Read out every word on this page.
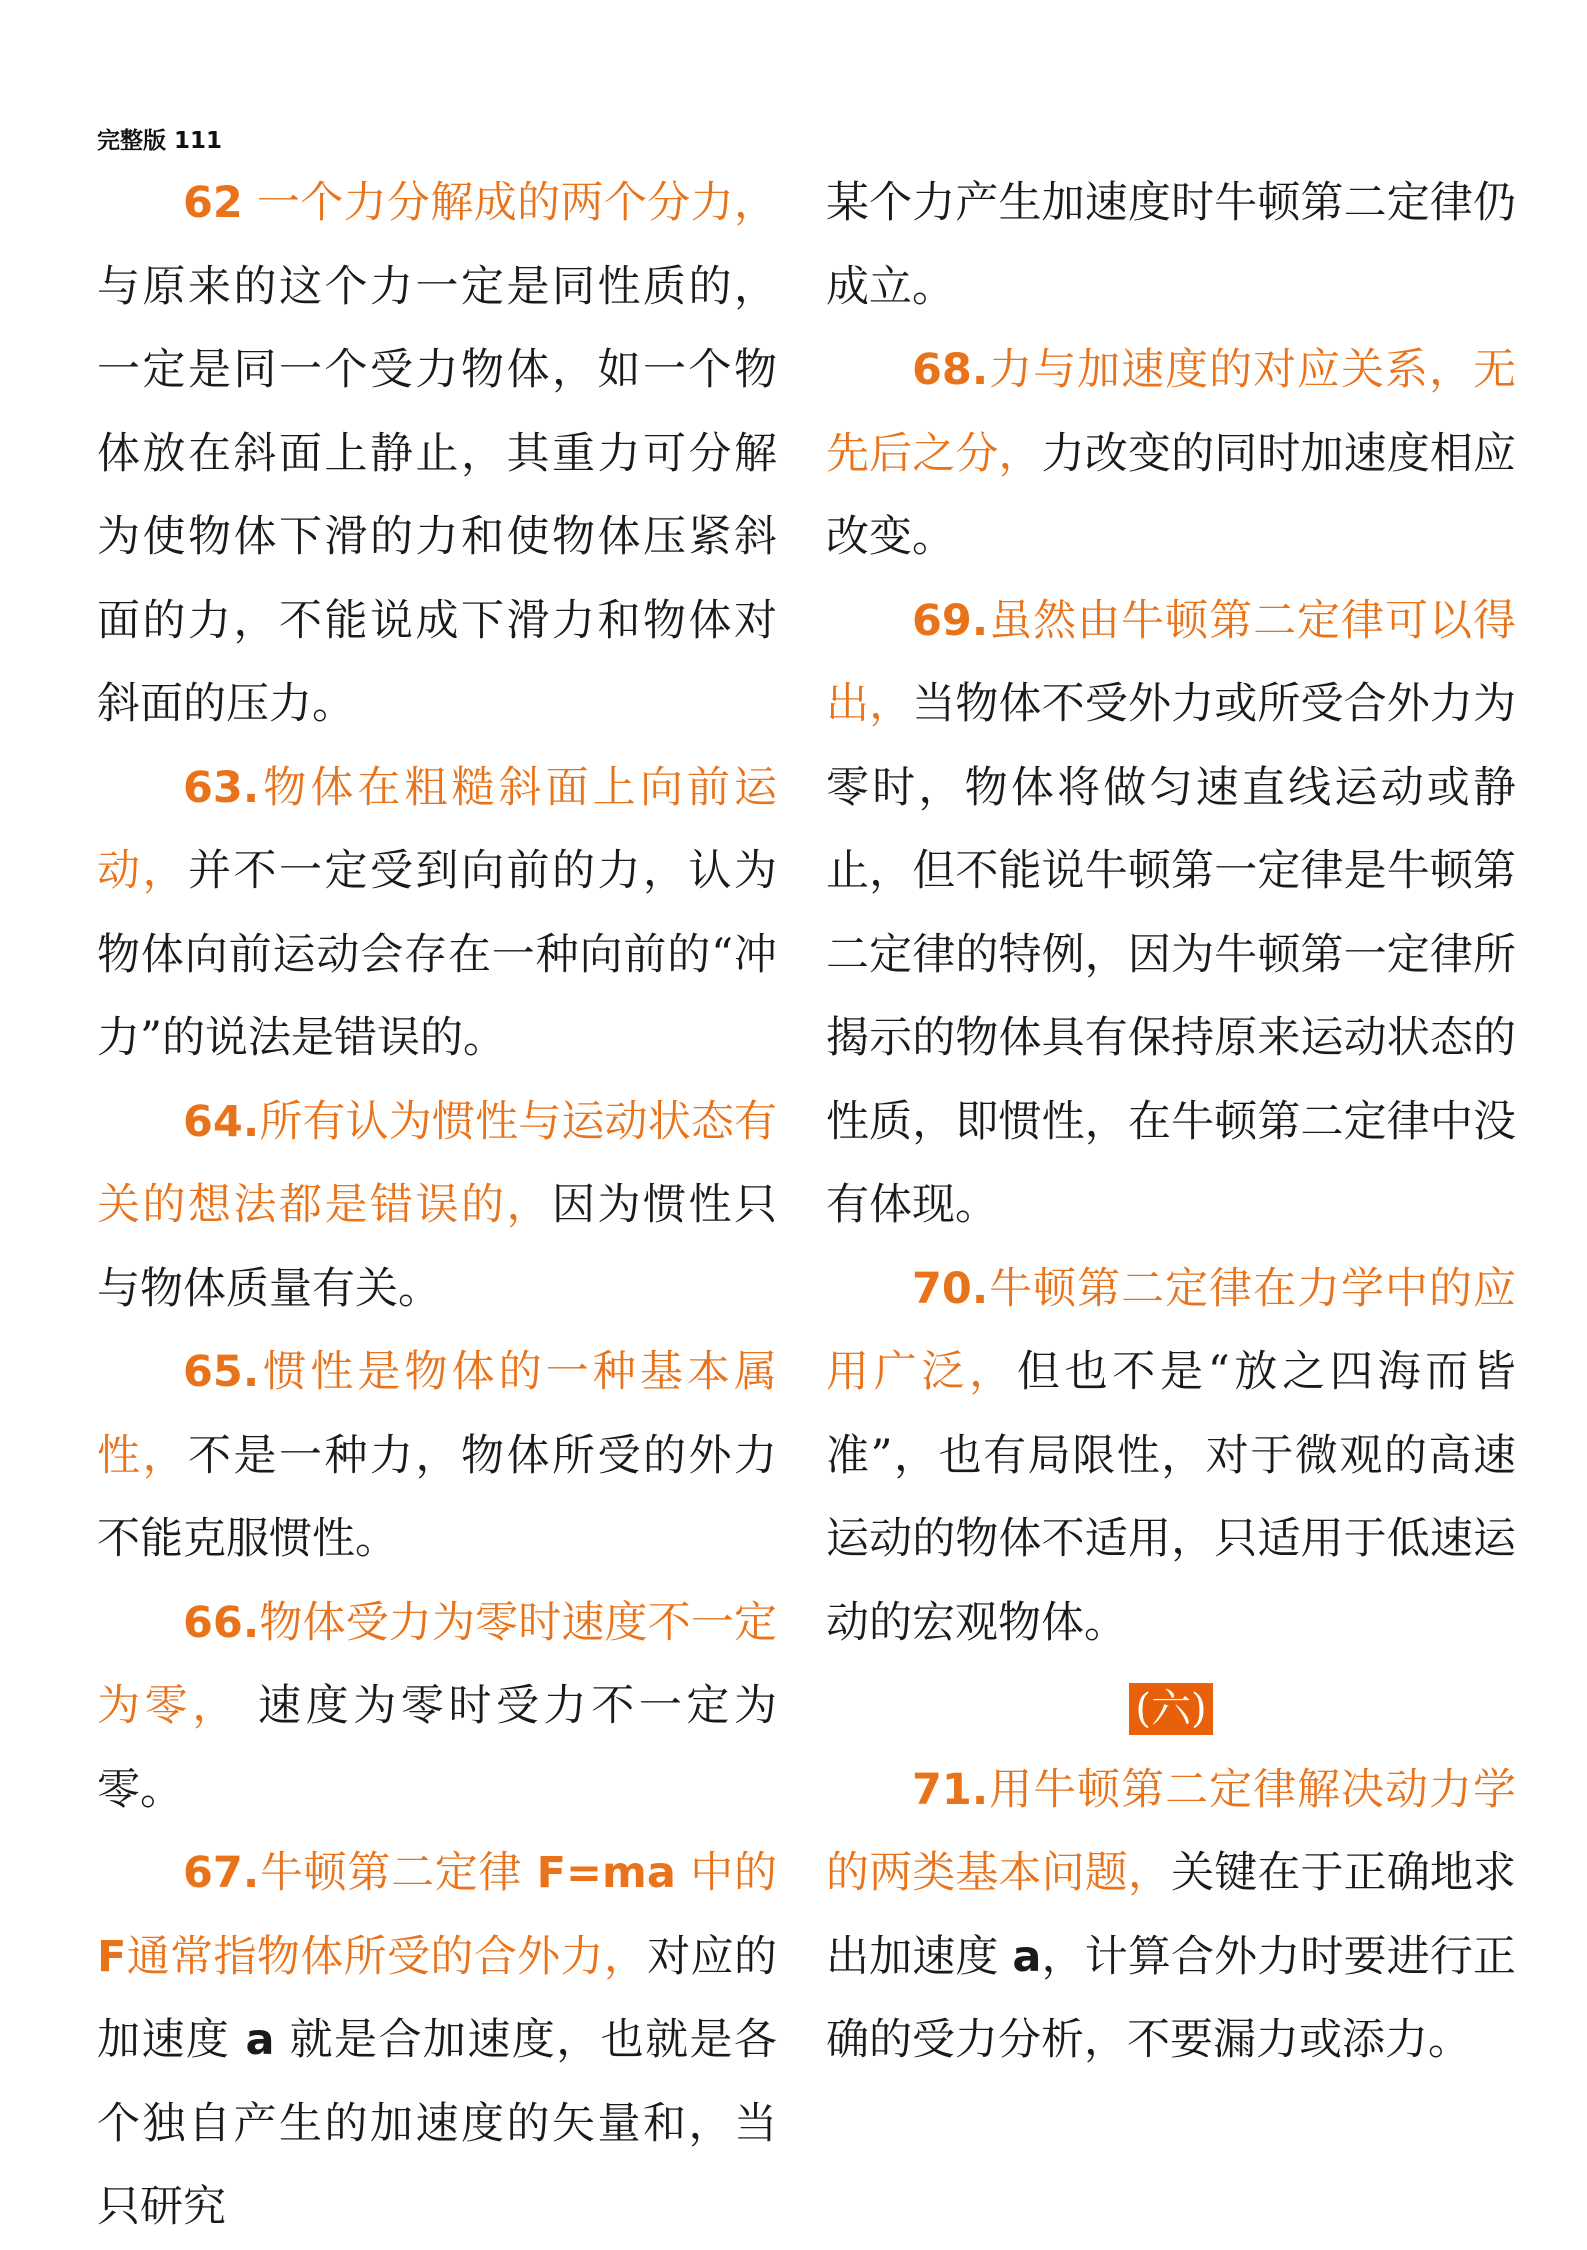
完整版 111

62 一个力分解成的两个分力，与原来的这个力一定是同性质的，一定是同一个受力物体，如一个物体放在斜面上静止，其重力可分解为使物体下滑的力和使物体压紧斜面的力，不能说成下滑力和物体对斜面的压力。

63.物体在粗糙斜面上向前运动，并不一定受到向前的力，认为物体向前运动会存在一种向前的“冲力”的说法是错误的。

64.所有认为惯性与运动状态有关的想法都是错误的，因为惯性只与物体质量有关。

65.惯性是物体的一种基本属性，不是一种力，物体所受的外力不能克服惯性。

66.物体受力为零时速度不一定为零， 速度为零时受力不一定为零。

67.牛顿第二定律 F=ma 中的 F通常指物体所受的合外力，对应的加速度 a 就是合加速度，也就是各个独自产生的加速度的矢量和，当只研究

某个力产生加速度时牛顿第二定律仍成立。

68.力与加速度的对应关系，无先后之分，力改变的同时加速度相应改变。

69.虽然由牛顿第二定律可以得出，当物体不受外力或所受合外力为零时，物体将做匀速直线运动或静止，但不能说牛顿第一定律是牛顿第二定律的特例，因为牛顿第一定律所揭示的物体具有保持原来运动状态的性质，即惯性，在牛顿第二定律中没有体现。

70.牛顿第二定律在力学中的应用广泛，但也不是“放之四海而皆准”，也有局限性，对于微观的高速运动的物体不适用，只适用于低速运动的宏观物体。

(六)

71.用牛顿第二定律解决动力学的两类基本问题，关键在于正确地求出加速度 a，计算合外力时要进行正确的受力分析，不要漏力或添力。
